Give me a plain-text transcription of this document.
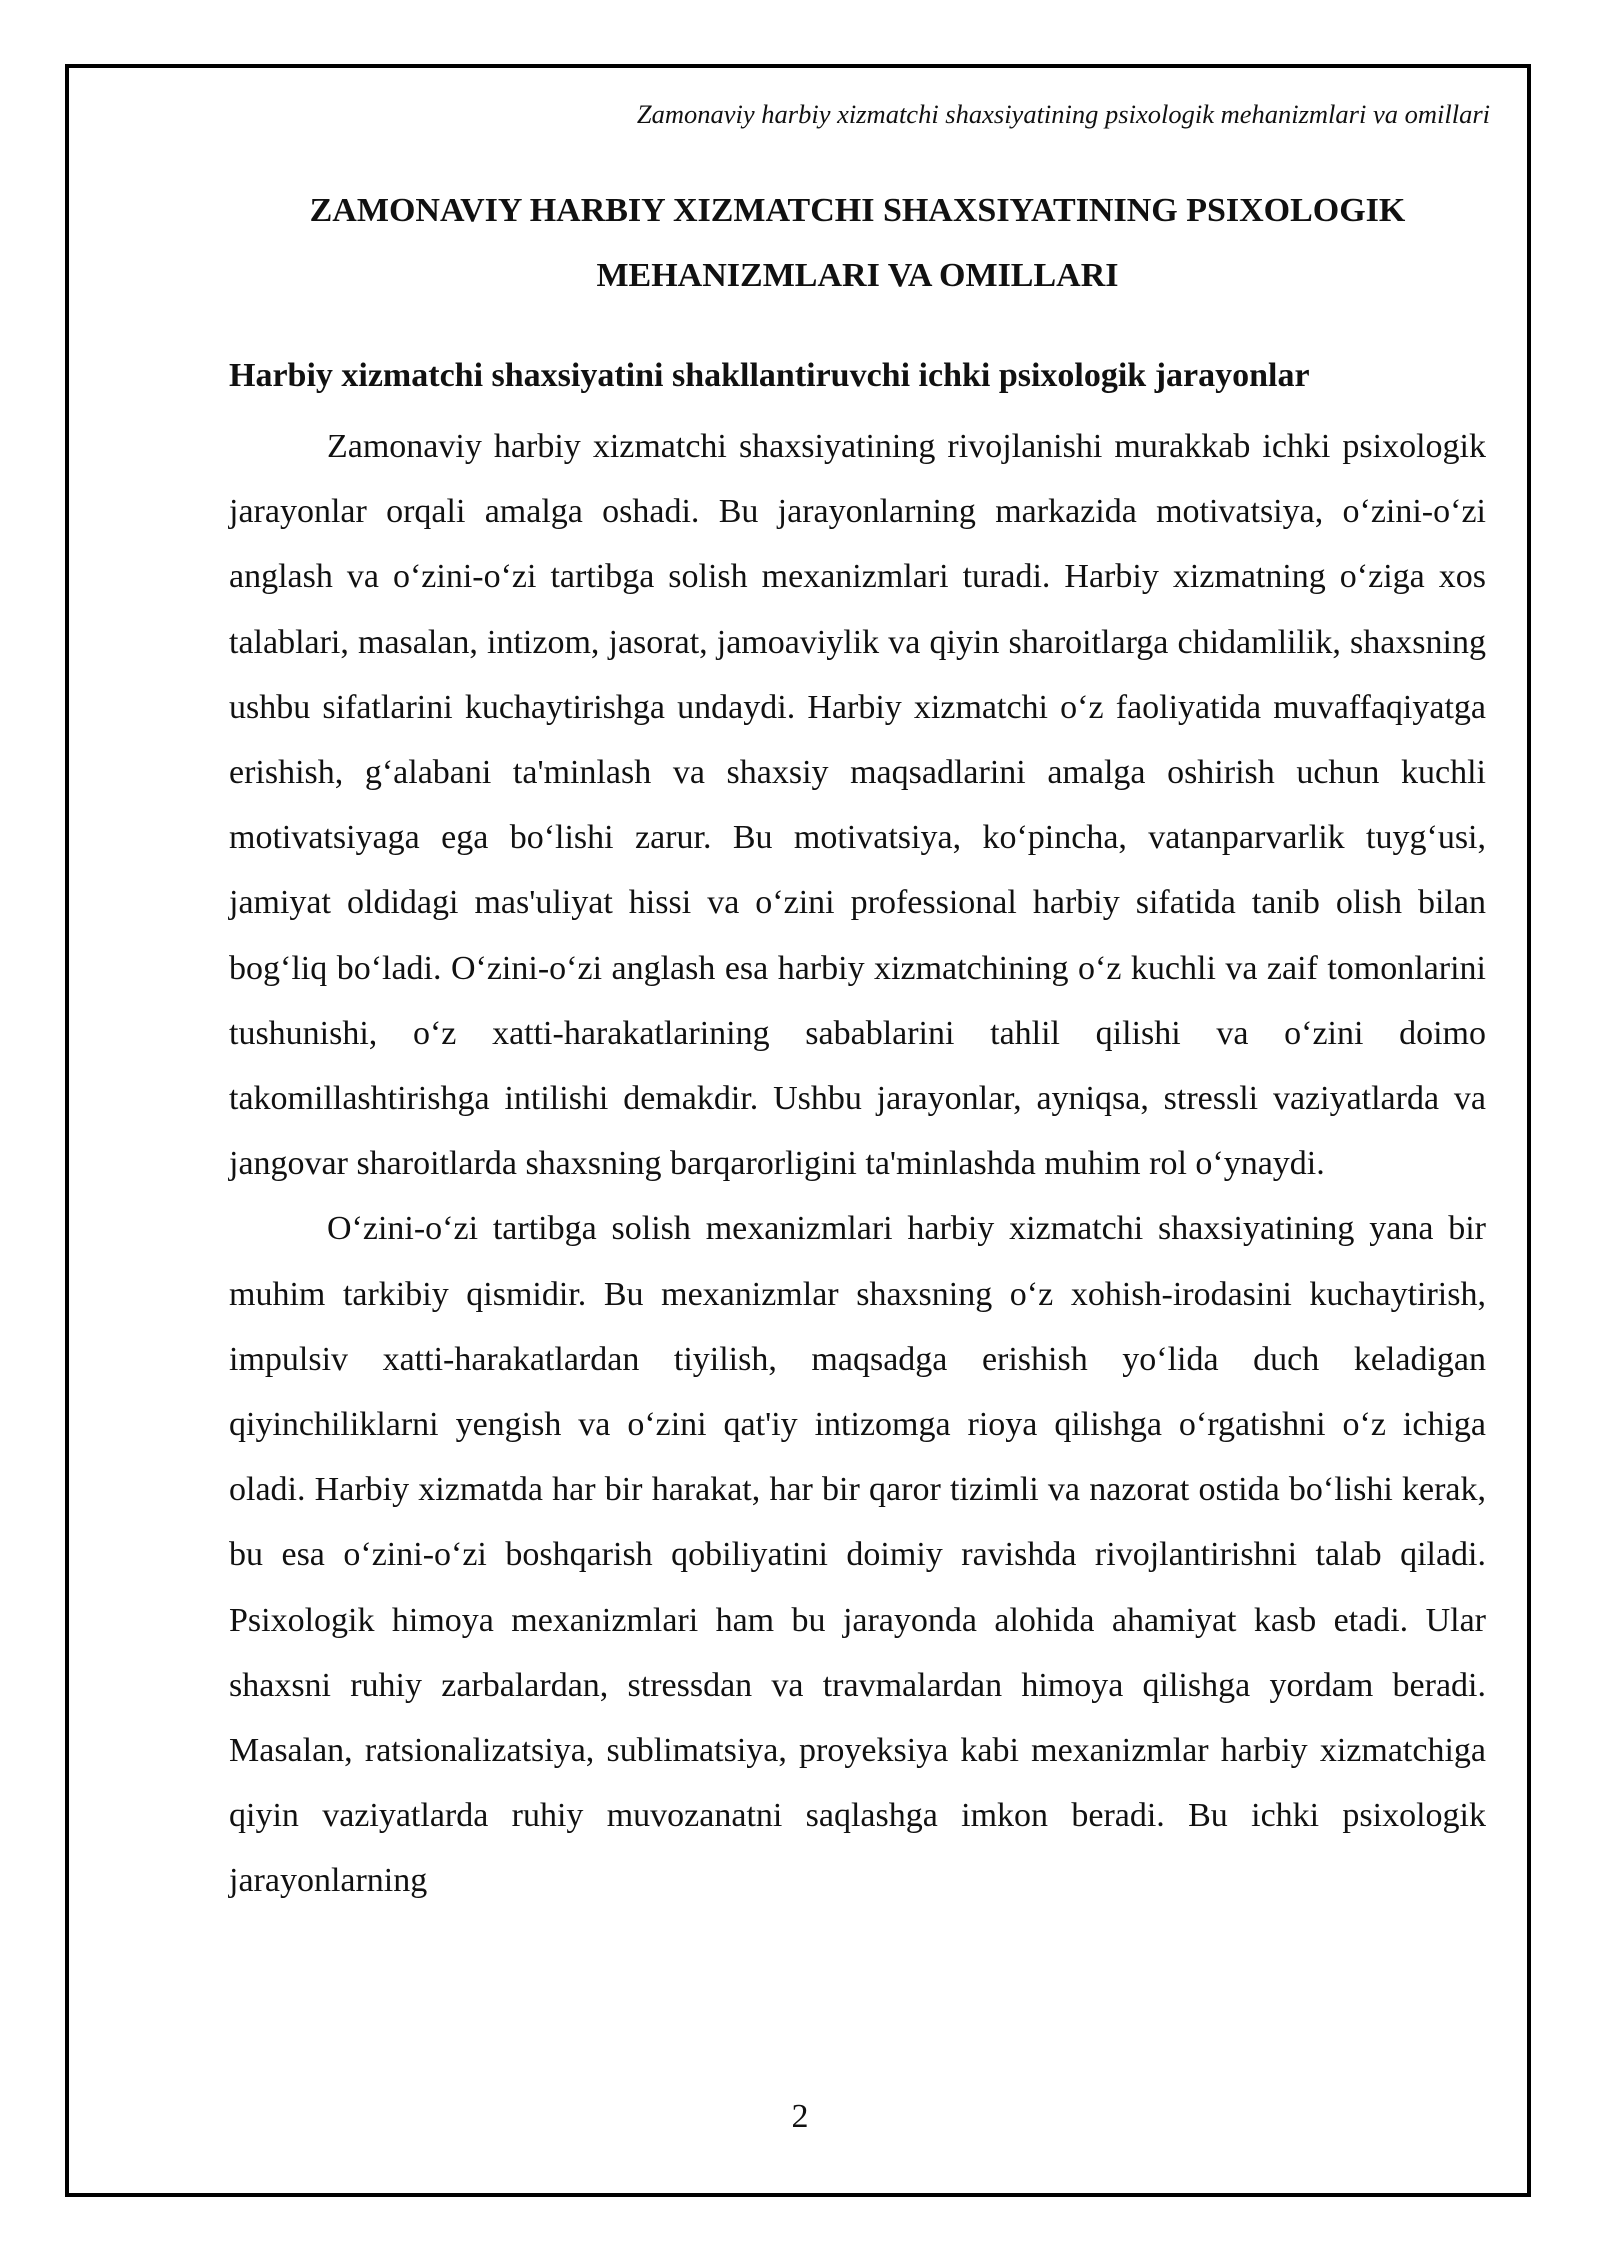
Zamonaviy harbiy xizmatchi shaxsiyatining psixologik mehanizmlari va omillari
ZAMONAVIY HARBIY XIZMATCHI SHAXSIYATINING PSIXOLOGIK
MEHANIZMLARI VA OMILLARI
Harbiy xizmatchi shaxsiyatini shakllantiruvchi ichki psixologik jarayonlar

Zamonaviy harbiy xizmatchi shaxsiyatining rivojlanishi murakkab ichki psixologik jarayonlar orqali amalga oshadi. Bu jarayonlarning markazida motivatsiya, o‘zini-o‘zi anglash va o‘zini-o‘zi tartibga solish mexanizmlari turadi. Harbiy xizmatning o‘ziga xos talablari, masalan, intizom, jasorat, jamoaviylik va qiyin sharoitlarga chidamlilik, shaxsning ushbu sifatlarini kuchaytirishga undaydi. Harbiy xizmatchi o‘z faoliyatida muvaffaqiyatga erishish, g‘alabani ta'minlash va shaxsiy maqsadlarini amalga oshirish uchun kuchli motivatsiyaga ega bo‘lishi zarur. Bu motivatsiya, ko‘pincha, vatanparvarlik tuyg‘usi, jamiyat oldidagi mas'uliyat hissi va o‘zini professional harbiy sifatida tanib olish bilan bog‘liq bo‘ladi. O‘zini-o‘zi anglash esa harbiy xizmatchining o‘z kuchli va zaif tomonlarini tushunishi, o‘z xatti-harakatlarining sabablarini tahlil qilishi va o‘zini doimo takomillashtirishga intilishi demakdir. Ushbu jarayonlar, ayniqsa, stressli vaziyatlarda va jangovar sharoitlarda shaxsning barqarorligini ta'minlashda muhim rol o‘ynaydi.

O‘zini-o‘zi tartibga solish mexanizmlari harbiy xizmatchi shaxsiyatining yana bir muhim tarkibiy qismidir. Bu mexanizmlar shaxsning o‘z xohish-irodasini kuchaytirish, impulsiv xatti-harakatlardan tiyilish, maqsadga erishish yo‘lida duch keladigan qiyinchiliklarni yengish va o‘zini qat'iy intizomga rioya qilishga o‘rgatishni o‘z ichiga oladi. Harbiy xizmatda har bir harakat, har bir qaror tizimli va nazorat ostida bo‘lishi kerak, bu esa o‘zini-o‘zi boshqarish qobiliyatini doimiy ravishda rivojlantirishni talab qiladi. Psixologik himoya mexanizmlari ham bu jarayonda alohida ahamiyat kasb etadi. Ular shaxsni ruhiy zarbalardan, stressdan va travmalardan himoya qilishga yordam beradi. Masalan, ratsionalizatsiya, sublimatsiya, proyeksiya kabi mexanizmlar harbiy xizmatchiga qiyin vaziyatlarda ruhiy muvozanatni saqlashga imkon beradi. Bu ichki psixologik jarayonlarning

2
